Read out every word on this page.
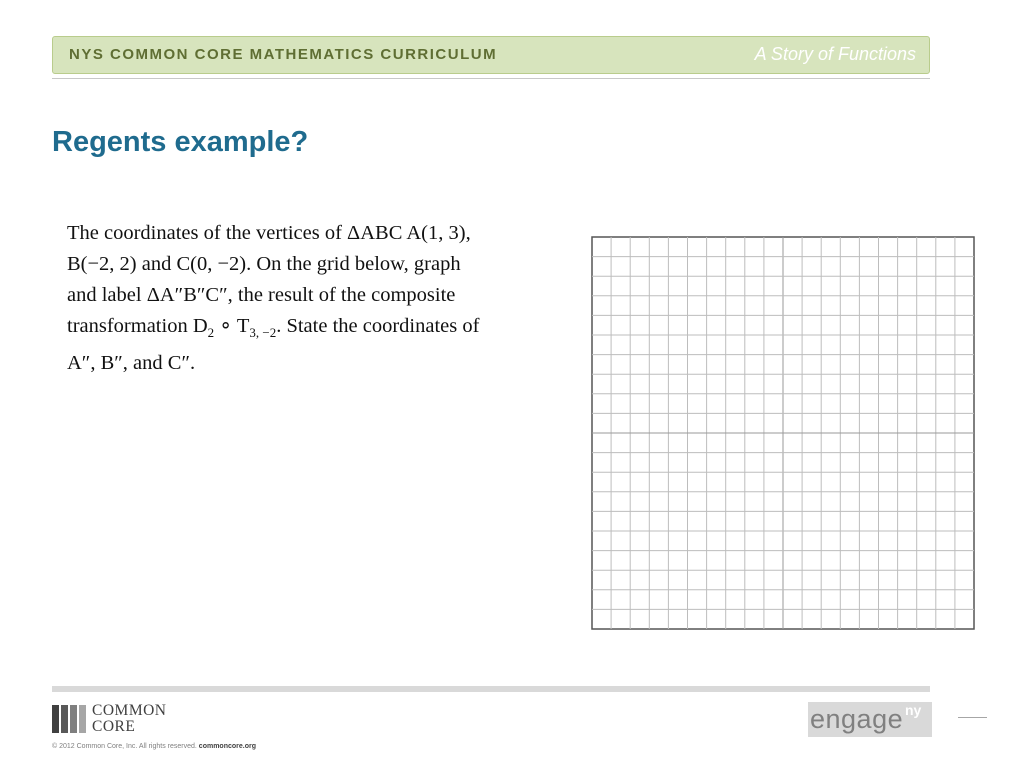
NYS COMMON CORE MATHEMATICS CURRICULUM	A Story of Functions
Regents example?

The coordinates of the vertices of ΔABC A(1, 3),

B(−2, 2) and C(0, −2). On the grid below, graph

and label ΔA″B″C″, the result of the composite

transformation $D_2$ ∘ $T_{3, -2}$. State the coordinates of

A″, B″, and C″.

COMMON
CORE
© 2012 Common Core, Inc. All rights reserved. commoncore.org
engage ny
